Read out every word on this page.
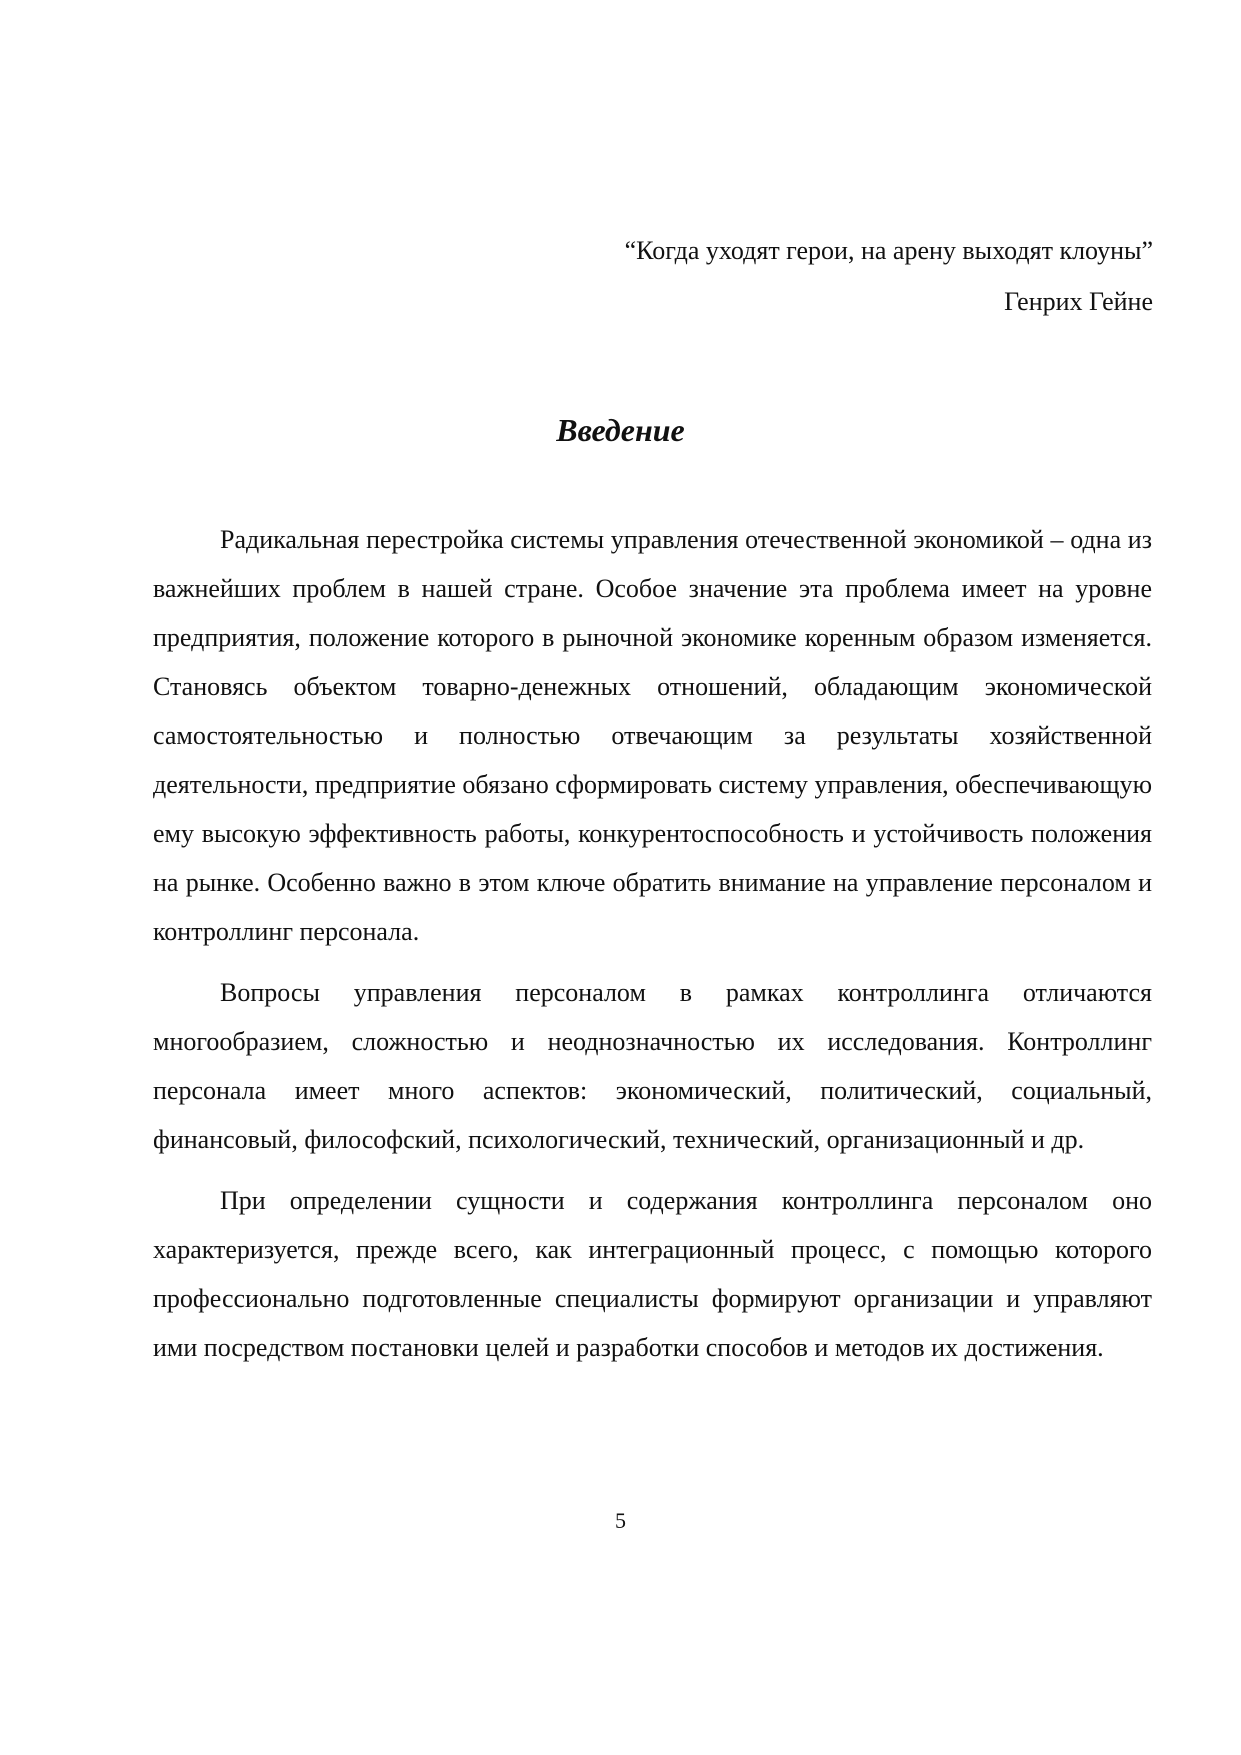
“Когда уходят герои, на арену выходят клоуны”
Генрих Гейне
Введение

Радикальная перестройка системы управления отечественной экономикой – одна из важнейших проблем в нашей стране. Особое значение эта проблема имеет на уровне предприятия, положение которого в рыночной экономике коренным образом изменяется. Становясь объектом товарно-денежных отношений, обладающим экономической самостоятельностью и полностью отвечающим за результаты хозяйственной деятельности, предприятие обязано сформировать систему управления, обеспечивающую ему высокую эффективность работы, конкурентоспособность и устойчивость положения на рынке. Особенно важно в этом ключе обратить внимание на управление персоналом и контроллинг персонала.

Вопросы управления персоналом в рамках контроллинга отличаются многообразием, сложностью и неоднозначностью их исследования. Контроллинг персонала имеет много аспектов: экономический, политический, социальный, финансовый, философский, психологический, технический, организационный и др.

При определении сущности и содержания контроллинга персоналом оно характеризуется, прежде всего, как интеграционный процесс, с помощью которого профессионально подготовленные специалисты формируют организации и управляют ими посредством постановки целей и разработки способов и методов их достижения.

5
